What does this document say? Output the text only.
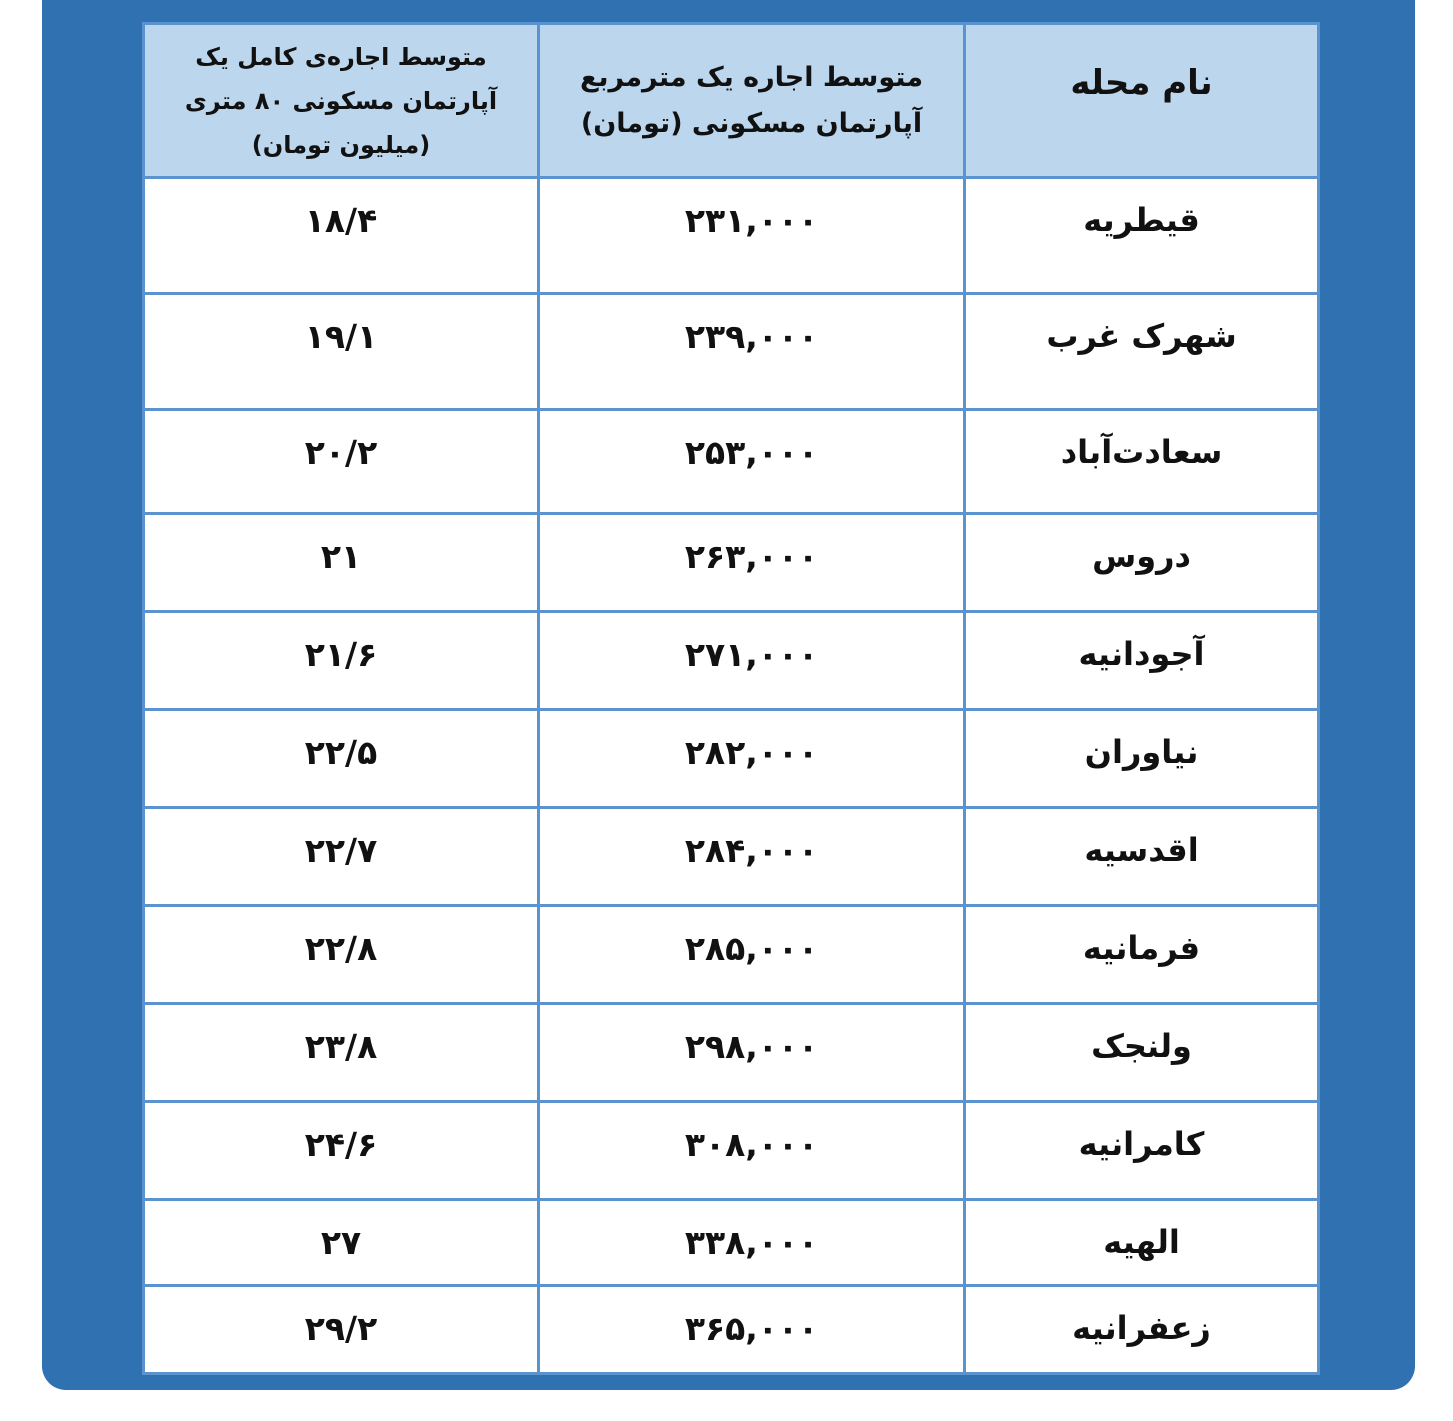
نام محله
متوسط اجاره یک مترمربع آپارتمان مسکونی (تومان)
متوسط اجاره‌ی کامل یک آپارتمان مسکونی ۸۰ متری (میلیون تومان)
قیطریه
۲۳۱,۰۰۰
۱۸/۴
شهرک غرب
۲۳۹,۰۰۰
۱۹/۱
سعادت‌آباد
۲۵۳,۰۰۰
۲۰/۲
دروس
۲۶۳,۰۰۰
۲۱
آجودانیه
۲۷۱,۰۰۰
۲۱/۶
نیاوران
۲۸۲,۰۰۰
۲۲/۵
اقدسیه
۲۸۴,۰۰۰
۲۲/۷
فرمانیه
۲۸۵,۰۰۰
۲۲/۸
ولنجک
۲۹۸,۰۰۰
۲۳/۸
کامرانیه
۳۰۸,۰۰۰
۲۴/۶
الهیه
۳۳۸,۰۰۰
۲۷
زعفرانیه
۳۶۵,۰۰۰
۲۹/۲
